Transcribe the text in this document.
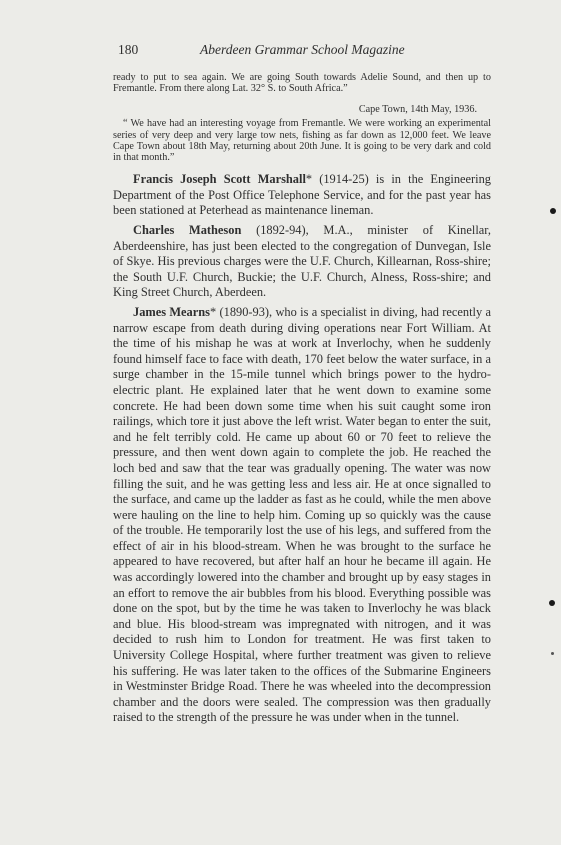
180	Aberdeen Grammar School Magazine

ready to put to sea again. We are going South towards Adelie Sound, and then up to Fremantle. From there along Lat. 32° S. to South Africa.”

Cape Town, 14th May, 1936.

“ We have had an interesting voyage from Fremantle. We were working an experimental series of very deep and very large tow nets, fishing as far down as 12,000 feet. We leave Cape Town about 18th May, returning about 20th June. It is going to be very dark and cold in that month.”

Francis Joseph Scott Marshall* (1914-25) is in the Engineering Department of the Post Office Telephone Service, and for the past year has been stationed at Peterhead as maintenance lineman.

Charles Matheson (1892-94), M.A., minister of Kinellar, Aberdeenshire, has just been elected to the congregation of Dunvegan, Isle of Skye. His previous charges were the U.F. Church, Killearnan, Ross-shire; the South U.F. Church, Buckie; the U.F. Church, Alness, Ross-shire; and King Street Church, Aberdeen.

James Mearns* (1890-93), who is a specialist in diving, had recently a narrow escape from death during diving operations near Fort William. At the time of his mishap he was at work at Inverlochy, when he suddenly found himself face to face with death, 170 feet below the water surface, in a surge chamber in the 15-mile tunnel which brings power to the hydro-electric plant. He explained later that he went down to examine some concrete. He had been down some time when his suit caught some iron railings, which tore it just above the left wrist. Water began to enter the suit, and he felt terribly cold. He came up about 60 or 70 feet to relieve the pressure, and then went down again to complete the job. He reached the loch bed and saw that the tear was gradually opening. The water was now filling the suit, and he was getting less and less air. He at once signalled to the surface, and came up the ladder as fast as he could, while the men above were hauling on the line to help him. Coming up so quickly was the cause of the trouble. He temporarily lost the use of his legs, and suffered from the effect of air in his blood-stream. When he was brought to the surface he appeared to have recovered, but after half an hour he became ill again. He was accordingly lowered into the chamber and brought up by easy stages in an effort to remove the air bubbles from his blood. Everything possible was done on the spot, but by the time he was taken to Inverlochy he was black and blue. His blood-stream was impregnated with nitrogen, and it was decided to rush him to London for treatment. He was first taken to University College Hospital, where further treatment was given to relieve his suffering. He was later taken to the offices of the Submarine Engineers in Westminster Bridge Road. There he was wheeled into the decompression chamber and the doors were sealed. The compression was then gradually raised to the strength of the pressure he was under when in the tunnel.
